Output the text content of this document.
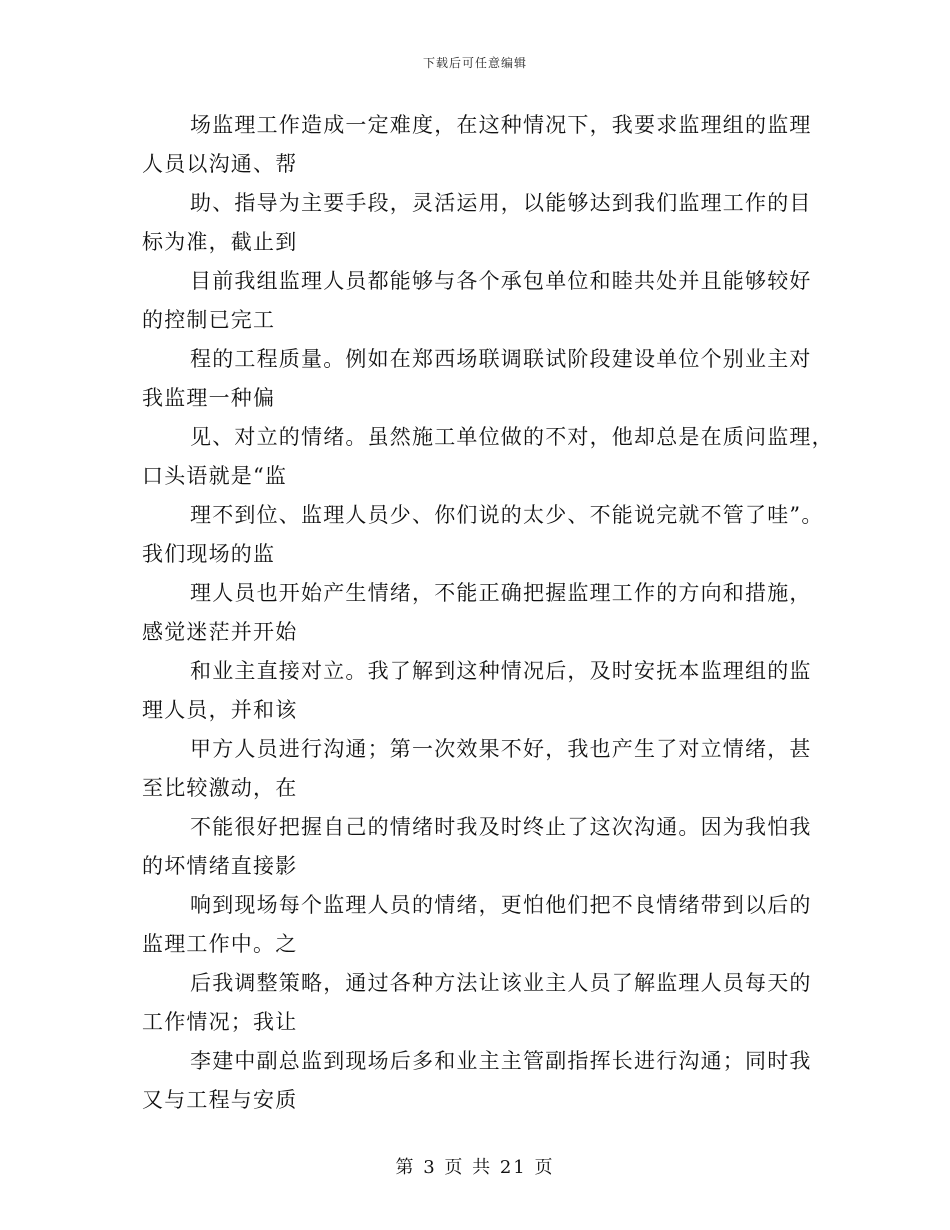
下载后可任意编辑
场监理工作造成一定难度，在这种情况下，我要求监理组的监理
人员以沟通、帮
助、指导为主要手段，灵活运用，以能够达到我们监理工作的目
标为准，截止到
目前我组监理人员都能够与各个承包单位和睦共处并且能够较好
的控制已完工
程的工程质量。例如在郑西场联调联试阶段建设单位个别业主对
我监理一种偏
见、对立的情绪。虽然施工单位做的不对，他却总是在质问监理，
口头语就是“监
理不到位、监理人员少、你们说的太少、不能说完就不管了哇”。
我们现场的监
理人员也开始产生情绪，不能正确把握监理工作的方向和措施，
感觉迷茫并开始
和业主直接对立。我了解到这种情况后，及时安抚本监理组的监
理人员，并和该
甲方人员进行沟通；第一次效果不好，我也产生了对立情绪，甚
至比较激动，在
不能很好把握自己的情绪时我及时终止了这次沟通。因为我怕我
的坏情绪直接影
响到现场每个监理人员的情绪，更怕他们把不良情绪带到以后的
监理工作中。之
后我调整策略，通过各种方法让该业主人员了解监理人员每天的
工作情况；我让
李建中副总监到现场后多和业主主管副指挥长进行沟通；同时我
又与工程与安质
第 3 页 共 21 页
